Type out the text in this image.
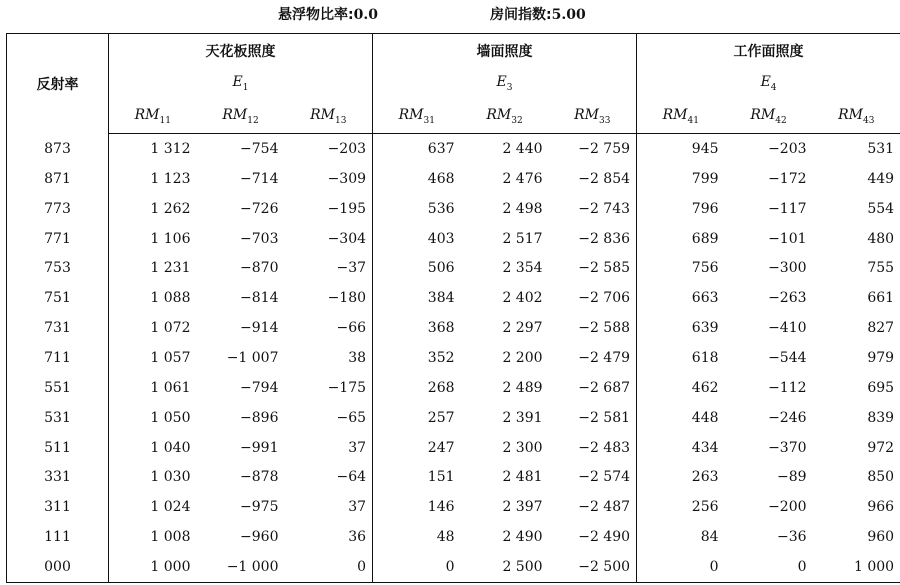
悬浮物比率:0.0	房间指数:5.00
反射率	天花板照度			墙面照度			工作面照度		
	$E_1$			$E_3$			$E_4$
	$RM_{11}$	$RM_{12}$	$RM_{13}$	$RM_{31}$	$RM_{32}$	$RM_{33}$	$RM_{41}$	$RM_{42}$	$RM_{43}$
873	1 312	−754	−203	637	2 440	−2 759	945	−203	531
871	1 123	−714	−309	468	2 476	−2 854	799	−172	449
773	1 262	−726	−195	536	2 498	−2 743	796	−117	554
771	1 106	−703	−304	403	2 517	−2 836	689	−101	480
753	1 231	−870	−37	506	2 354	−2 585	756	−300	755
751	1 088	−814	−180	384	2 402	−2 706	663	−263	661
731	1 072	−914	−66	368	2 297	−2 588	639	−410	827
711	1 057	−1 007	38	352	2 200	−2 479	618	−544	979
551	1 061	−794	−175	268	2 489	−2 687	462	−112	695
531	1 050	−896	−65	257	2 391	−2 581	448	−246	839
511	1 040	−991	37	247	2 300	−2 483	434	−370	972
331	1 030	−878	−64	151	2 481	−2 574	263	−89	850
311	1 024	−975	37	146	2 397	−2 487	256	−200	966
111	1 008	−960	36	48	2 490	−2 490	84	−36	960
000	1 000	−1 000	0	0	2 500	−2 500	0	0	1 000
